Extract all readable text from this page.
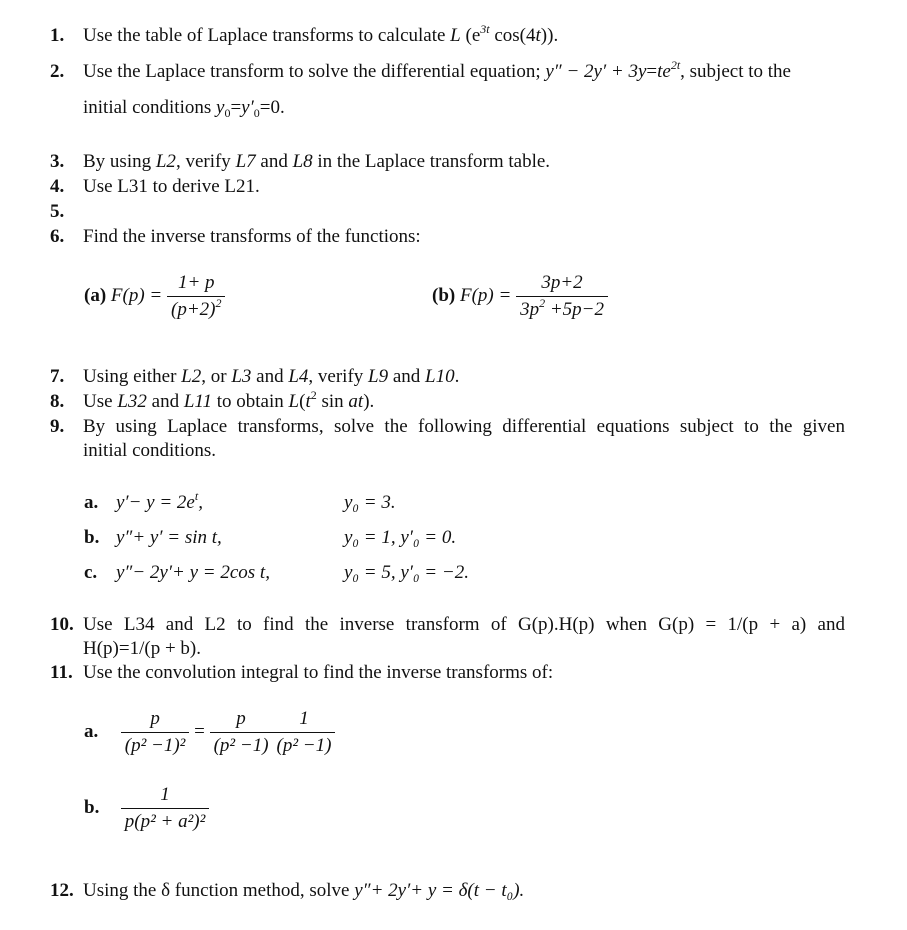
1. Use the table of Laplace transforms to calculate L ($e^{3t}$ cos(4t)).
2. Use the Laplace transform to solve the differential equation; $y'' - 2y' + 3y=te^{2t}$, subject to the
initial conditions $y_0=y'_0=0$.
3. By using L2, verify L7 and L8 in the Laplace transform table.
4. Use L31 to derive L21.
5.
6. Find the inverse transforms of the functions:
(a) $F(p) = \frac{1+ p}{(p+2)^2}$	(b) $F(p) = \frac{3p+2}{3p^2 +5p-2}$
7. Using either L2, or L3 and L4, verify L9 and L10.
8. Use L32 and L11 to obtain $L(t^2$ sin at).
9. By using Laplace transforms, solve the following differential equations subject to the given
initial conditions.
a. $y'- y = 2e^t$,	y₀ = 3.
b. y″+ y′ = sin t,	y₀ = 1, y′₀ = 0.
c. y″− 2y′+ y = 2cos t,	y₀ = 5, y′₀ = −2.
10. Use L34 and L2 to find the inverse transform of G(p).H(p) when G(p) = 1/(p + a) and
H(p)=1/(p + b).
11. Use the convolution integral to find the inverse transforms of:
a. $\frac{p}{\text{(p² −1)²}} = \frac{p}{\text{(p² −1)}} \frac{1}{\text{(p² −1)}}$
b. $\frac{1}{\text{p(p² + a²)²}}$
12. Using the δ function method, solve y″+ 2y′+ y = δ(t − t₀).
